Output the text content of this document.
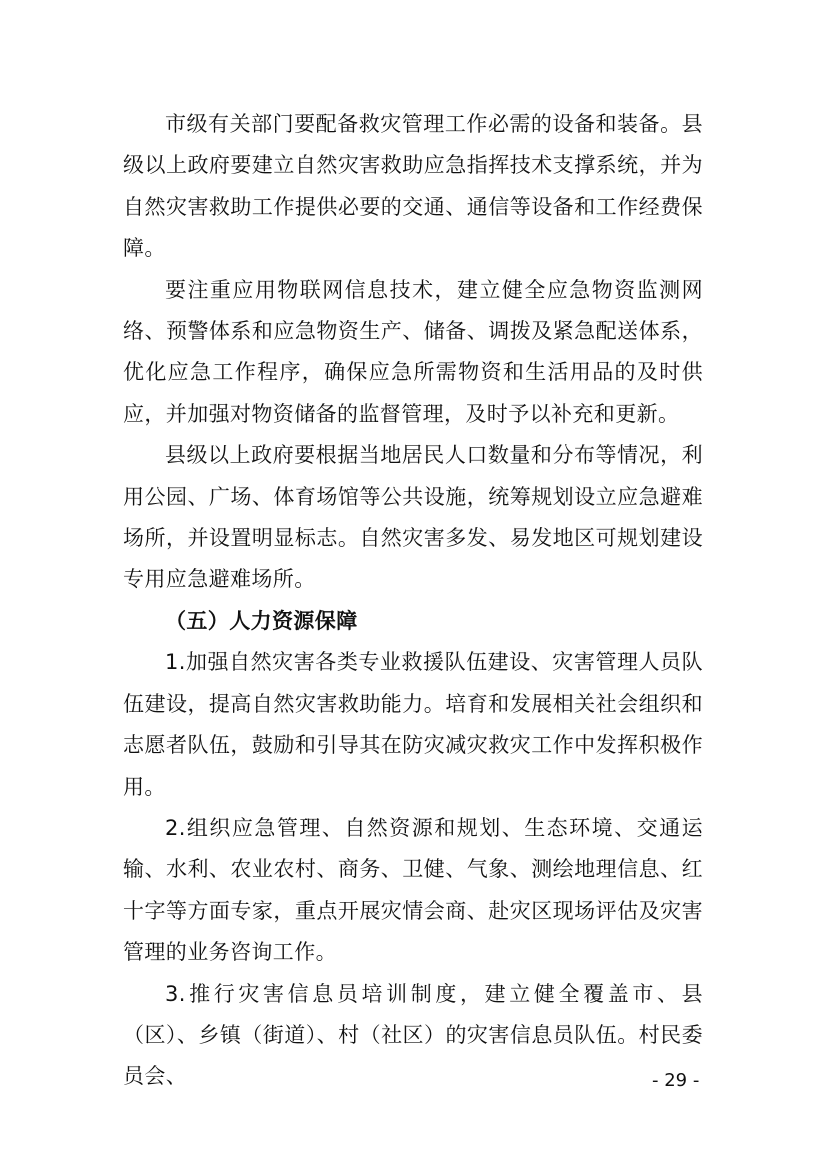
市级有关部门要配备救灾管理工作必需的设备和装备。县级以上政府要建立自然灾害救助应急指挥技术支撑系统，并为自然灾害救助工作提供必要的交通、通信等设备和工作经费保障。

要注重应用物联网信息技术，建立健全应急物资监测网络、预警体系和应急物资生产、储备、调拨及紧急配送体系，优化应急工作程序，确保应急所需物资和生活用品的及时供应，并加强对物资储备的监督管理，及时予以补充和更新。

县级以上政府要根据当地居民人口数量和分布等情况，利用公园、广场、体育场馆等公共设施，统筹规划设立应急避难场所，并设置明显标志。自然灾害多发、易发地区可规划建设专用应急避难场所。

（五）人力资源保障

1.加强自然灾害各类专业救援队伍建设、灾害管理人员队伍建设，提高自然灾害救助能力。培育和发展相关社会组织和志愿者队伍，鼓励和引导其在防灾减灾救灾工作中发挥积极作用。

2.组织应急管理、自然资源和规划、生态环境、交通运输、水利、农业农村、商务、卫健、气象、测绘地理信息、红十字等方面专家，重点开展灾情会商、赴灾区现场评估及灾害管理的业务咨询工作。

3.推行灾害信息员培训制度，建立健全覆盖市、县（区）、乡镇（街道）、村（社区）的灾害信息员队伍。村民委员会、	- 29 -
